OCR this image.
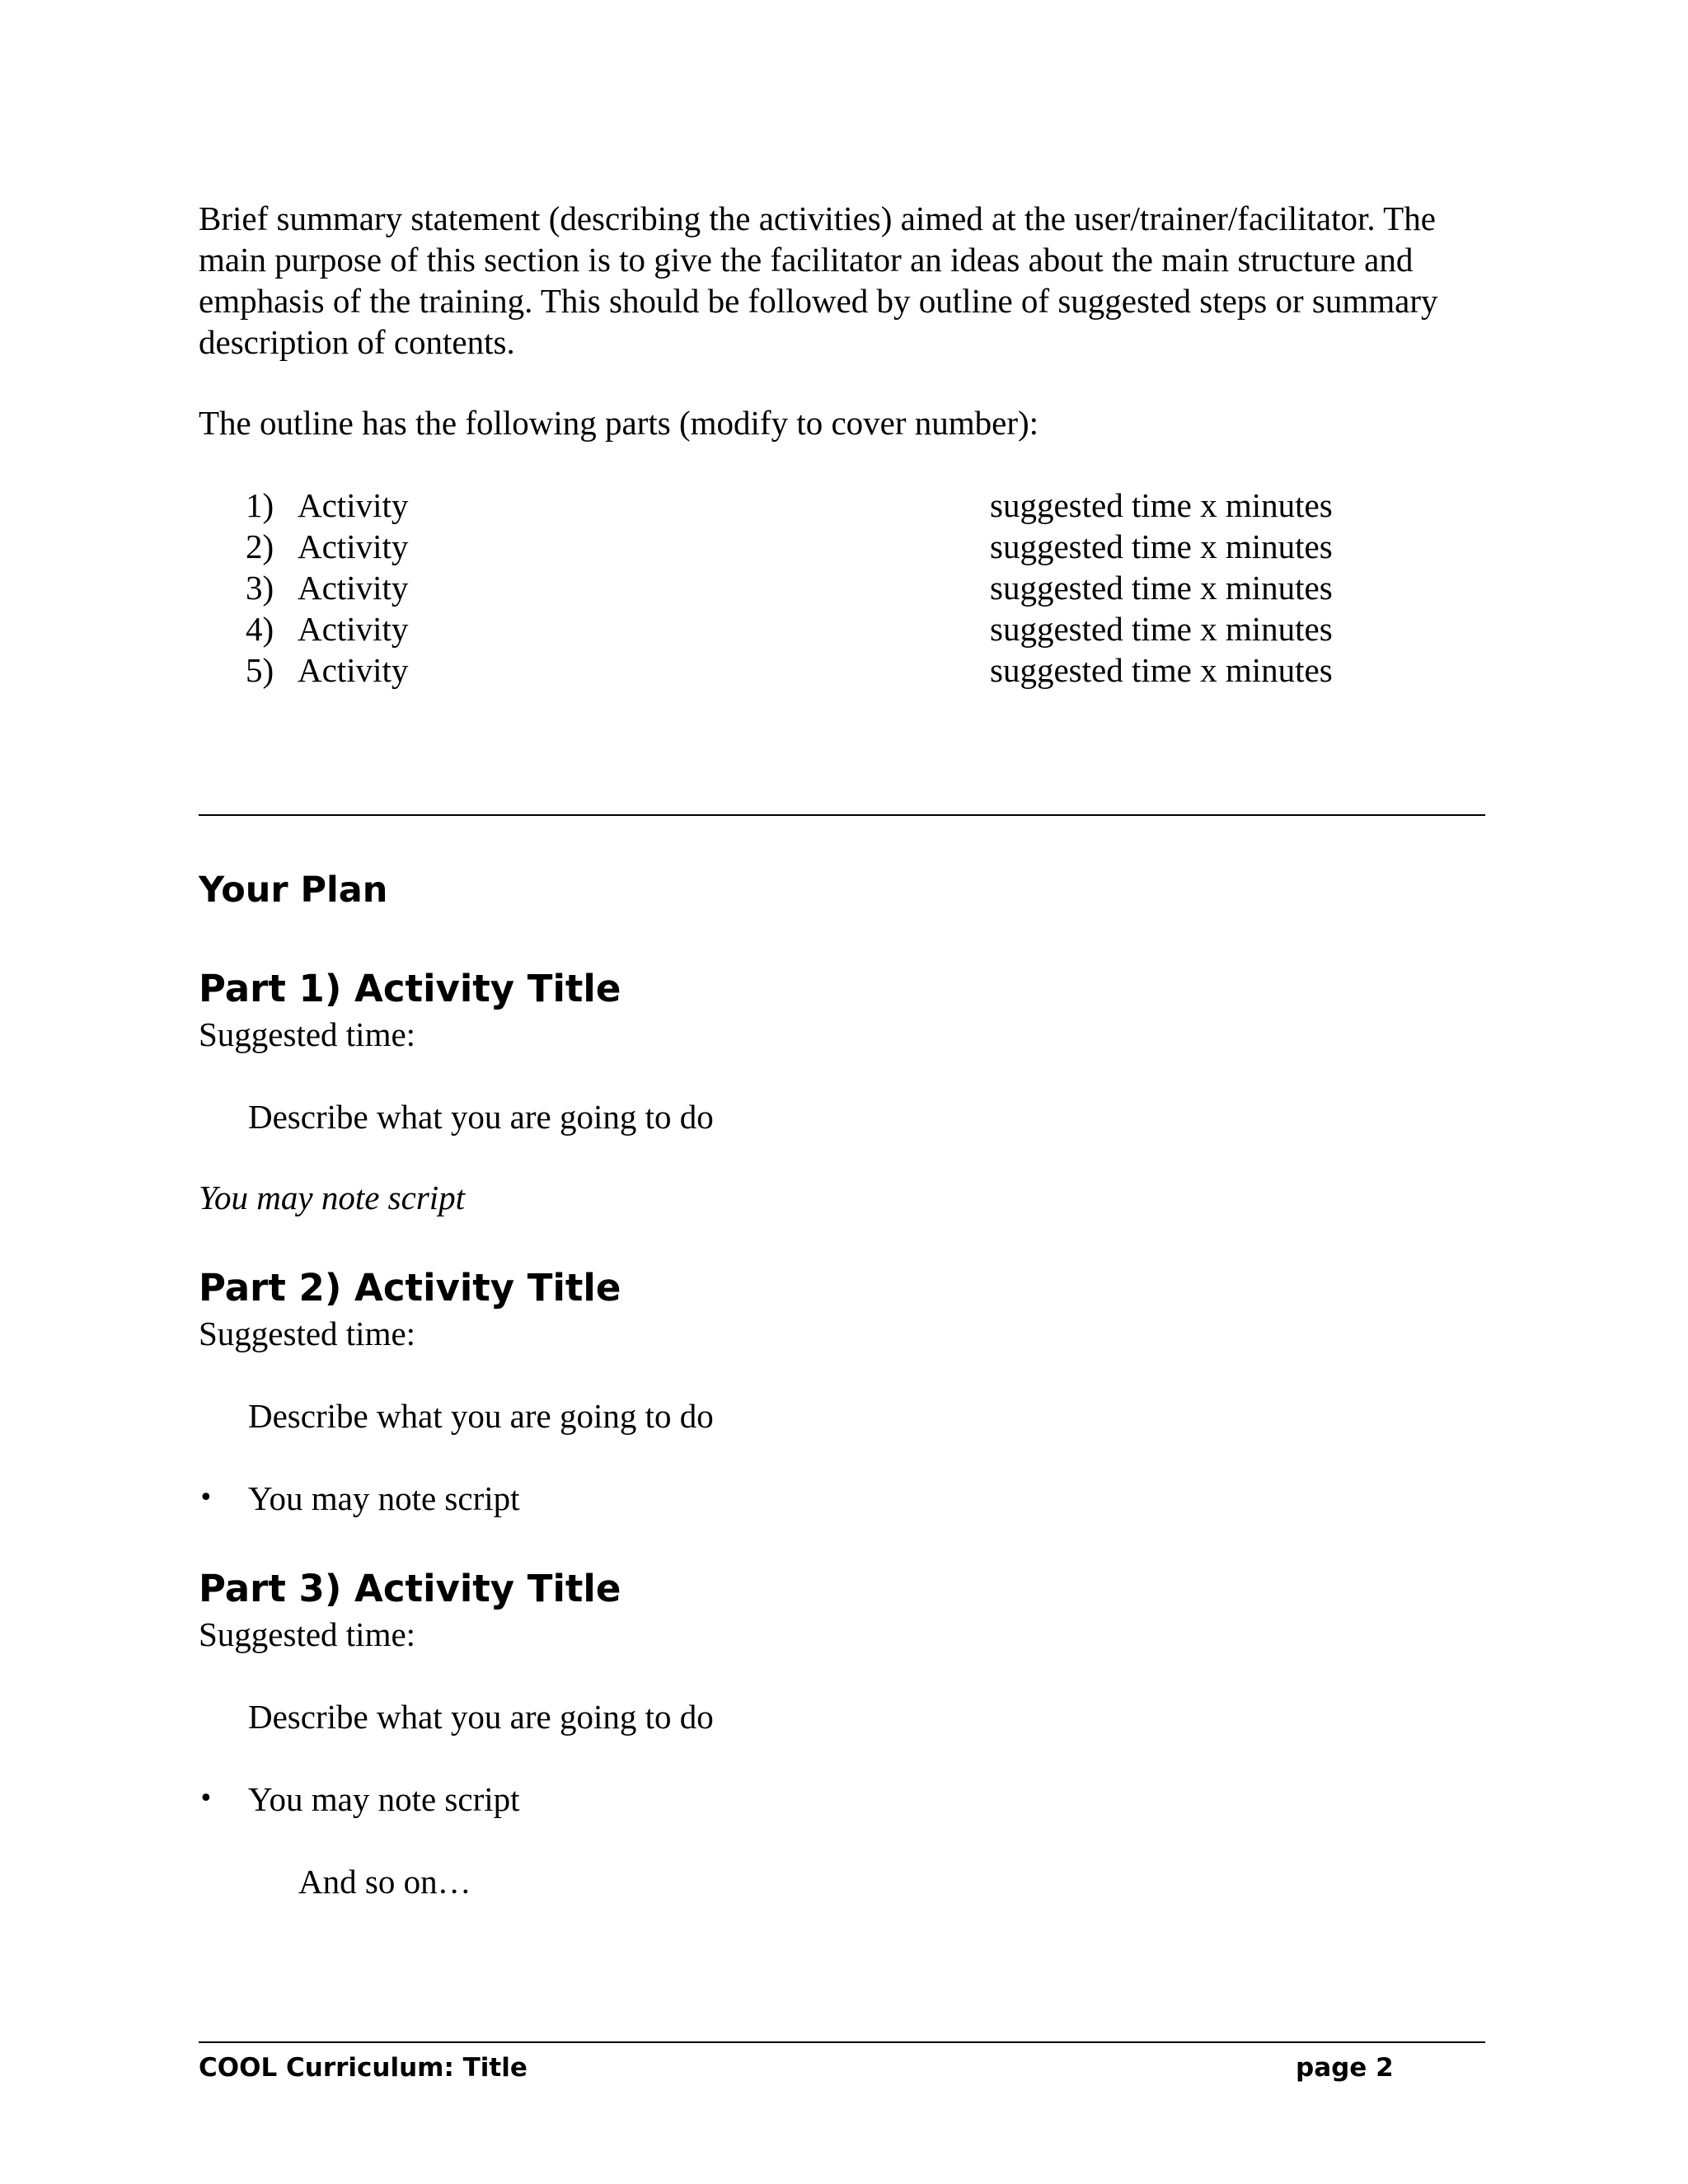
Brief summary statement (describing the activities) aimed at the user/trainer/facilitator. The main purpose of this section is to give the facilitator an ideas about the main structure and emphasis of the training. This should be followed by outline of suggested steps or summary description of contents.

The outline has the following parts (modify to cover number):

1) Activity	suggested time x minutes
2) Activity	suggested time x minutes
3) Activity	suggested time x minutes
4) Activity	suggested time x minutes
5) Activity	suggested time x minutes
Your Plan
Part 1) Activity Title
Suggested time:
Describe what you are going to do
You may note script
Part 2) Activity Title
Suggested time:
Describe what you are going to do
• You may note script
Part 3) Activity Title
Suggested time:
Describe what you are going to do
• You may note script
And so on…
COOL Curriculum: Title	page 2
